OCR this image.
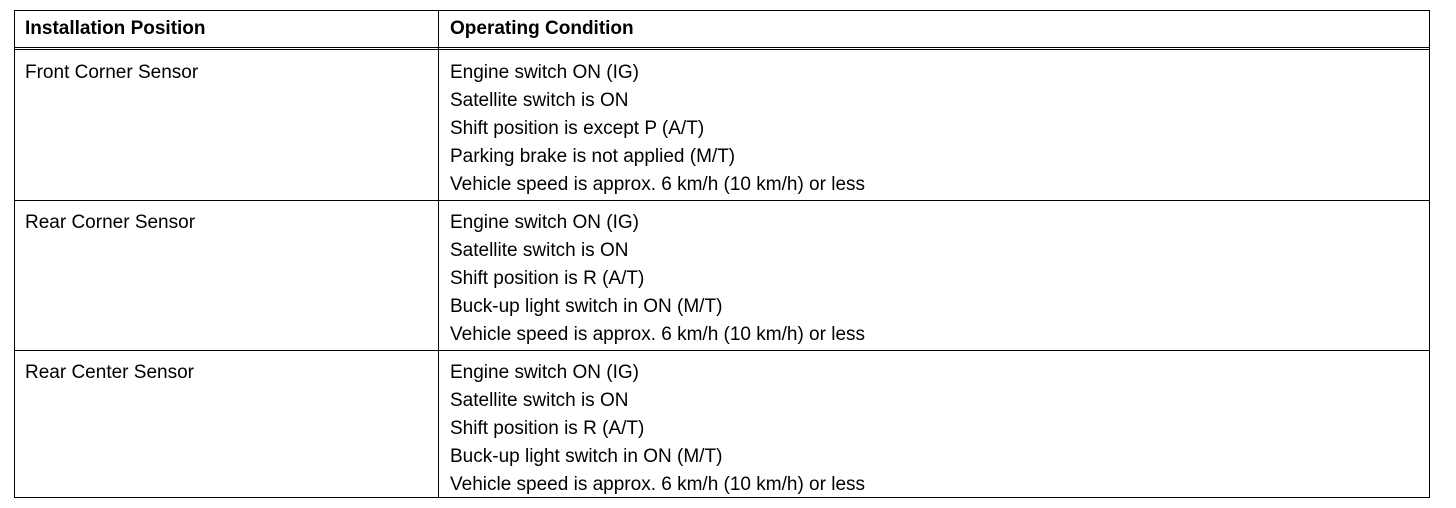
Installation Position	Operating Condition
Front Corner Sensor	Engine switch ON (IG)
Satellite switch is ON
Shift position is except P (A/T)
Parking brake is not applied (M/T)
Vehicle speed is approx. 6 km/h (10 km/h) or less
Rear Corner Sensor	Engine switch ON (IG)
Satellite switch is ON
Shift position is R (A/T)
Buck-up light switch in ON (M/T)
Vehicle speed is approx. 6 km/h (10 km/h) or less
Rear Center Sensor	Engine switch ON (IG)
Satellite switch is ON
Shift position is R (A/T)
Buck-up light switch in ON (M/T)
Vehicle speed is approx. 6 km/h (10 km/h) or less
